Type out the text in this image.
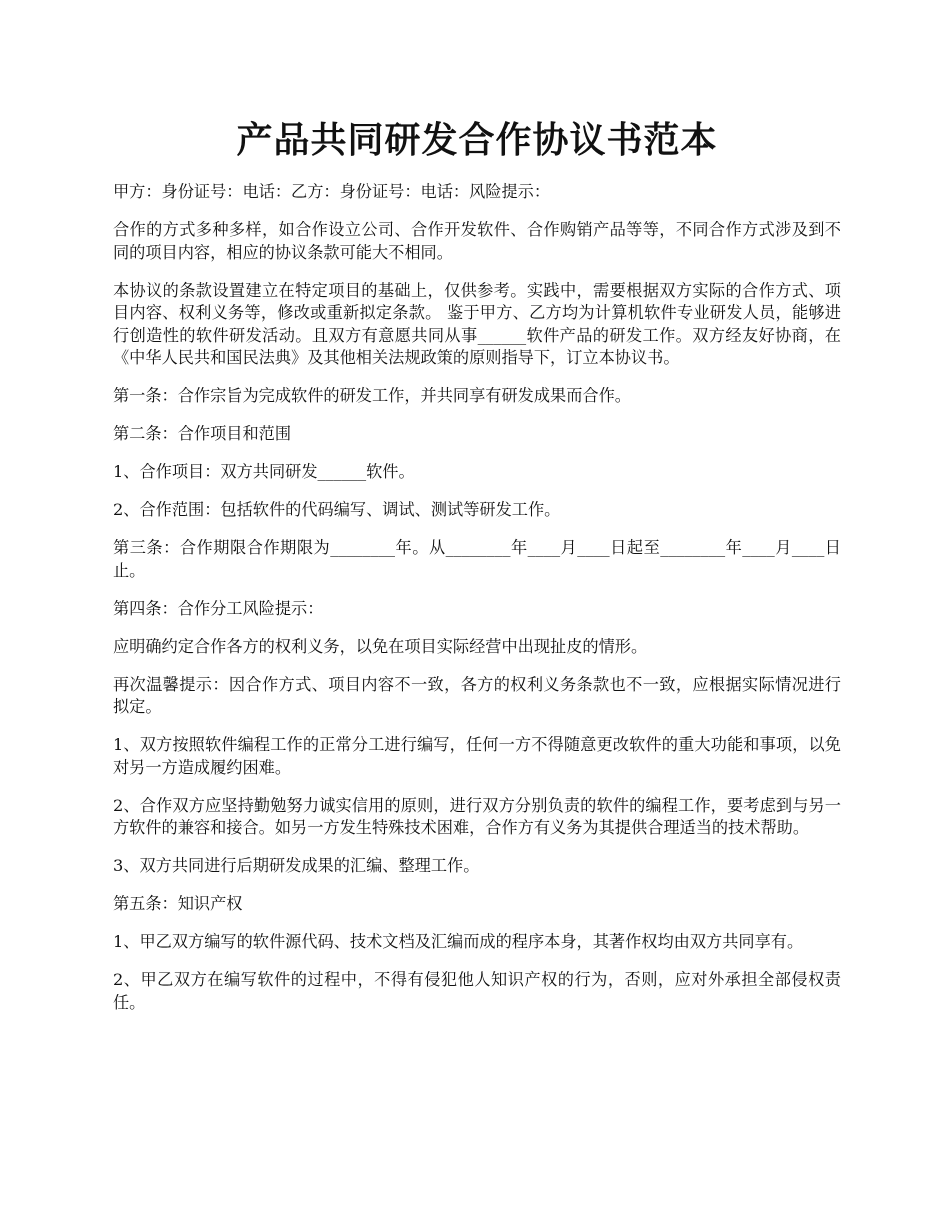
产品共同研发合作协议书范本

甲方：身份证号：电话：乙方：身份证号：电话：风险提示：

合作的方式多种多样，如合作设立公司、合作开发软件、合作购销产品等等，不同合作方式涉及到不同的项目内容，相应的协议条款可能大不相同。

本协议的条款设置建立在特定项目的基础上，仅供参考。实践中，需要根据双方实际的合作方式、项目内容、权利义务等，修改或重新拟定条款。 鉴于甲方、乙方均为计算机软件专业研发人员，能够进行创造性的软件研发活动。且双方有意愿共同从事______软件产品的研发工作。双方经友好协商，在《中华人民共和国民法典》及其他相关法规政策的原则指导下，订立本协议书。

第一条：合作宗旨为完成软件的研发工作，并共同享有研发成果而合作。

第二条：合作项目和范围

1、合作项目：双方共同研发______软件。

2、合作范围：包括软件的代码编写、调试、测试等研发工作。

第三条：合作期限合作期限为________年。从________年____月____日起至________年____月____日止。

第四条：合作分工风险提示：

应明确约定合作各方的权利义务，以免在项目实际经营中出现扯皮的情形。

再次温馨提示：因合作方式、项目内容不一致，各方的权利义务条款也不一致，应根据实际情况进行拟定。

1、双方按照软件编程工作的正常分工进行编写，任何一方不得随意更改软件的重大功能和事项，以免对另一方造成履约困难。

2、合作双方应坚持勤勉努力诚实信用的原则，进行双方分别负责的软件的编程工作，要考虑到与另一方软件的兼容和接合。如另一方发生特殊技术困难，合作方有义务为其提供合理适当的技术帮助。

3、双方共同进行后期研发成果的汇编、整理工作。

第五条：知识产权

1、甲乙双方编写的软件源代码、技术文档及汇编而成的程序本身，其著作权均由双方共同享有。

2、甲乙双方在编写软件的过程中，不得有侵犯他人知识产权的行为，否则，应对外承担全部侵权责任。
